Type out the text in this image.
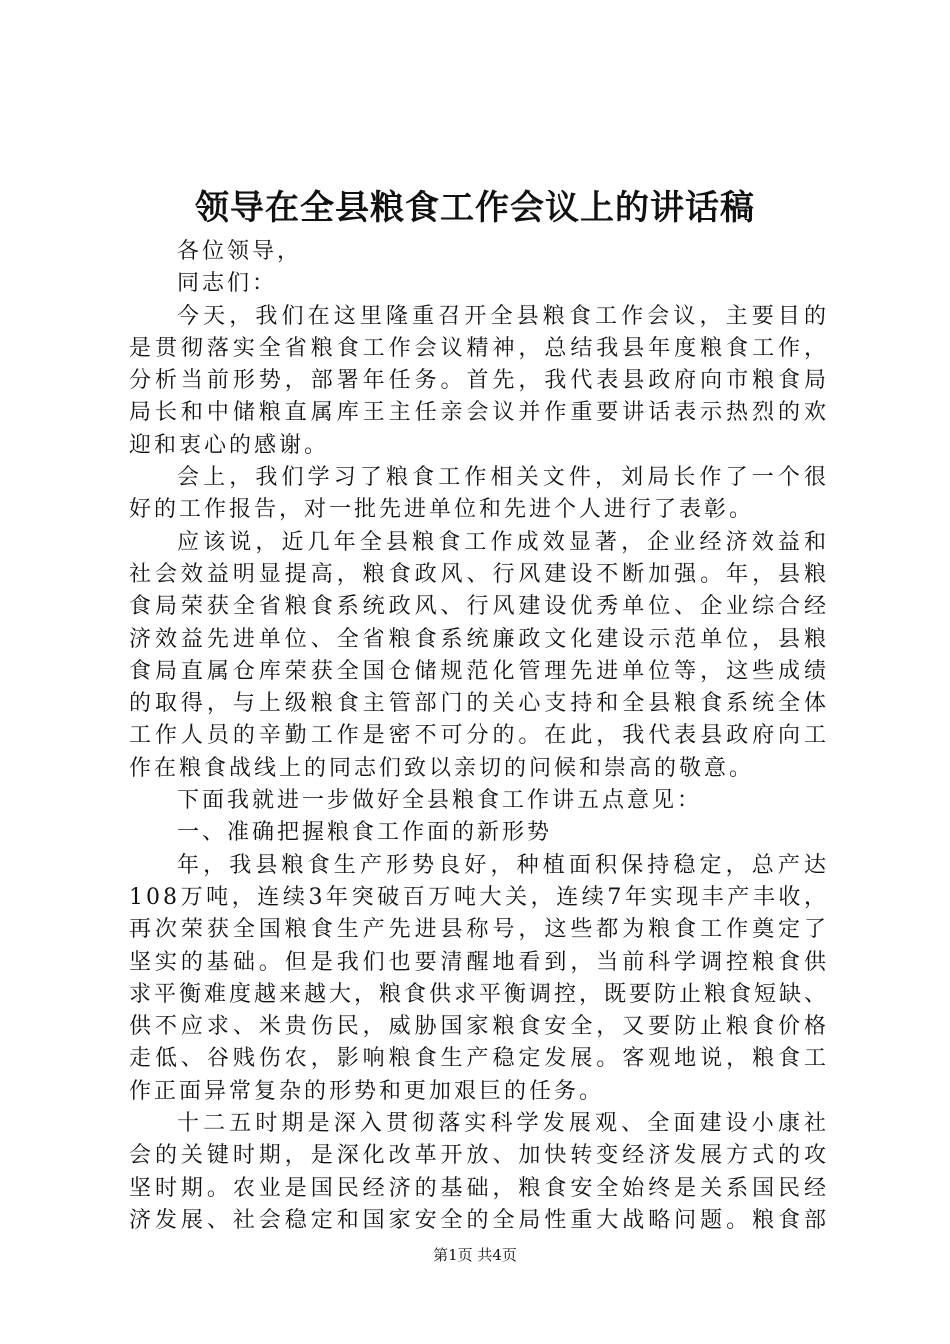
领导在全县粮食工作会议上的讲话稿
各位领导，
同志们：
今天，我们在这里隆重召开全县粮食工作会议，主要目的
是贯彻落实全省粮食工作会议精神，总结我县年度粮食工作，
分析当前形势，部署年任务。首先，我代表县政府向市粮食局
局长和中储粮直属库王主任亲会议并作重要讲话表示热烈的欢
迎和衷心的感谢。
会上，我们学习了粮食工作相关文件，刘局长作了一个很
好的工作报告，对一批先进单位和先进个人进行了表彰。
应该说，近几年全县粮食工作成效显著，企业经济效益和
社会效益明显提高，粮食政风、行风建设不断加强。年，县粮
食局荣获全省粮食系统政风、行风建设优秀单位、企业综合经
济效益先进单位、全省粮食系统廉政文化建设示范单位，县粮
食局直属仓库荣获全国仓储规范化管理先进单位等，这些成绩
的取得，与上级粮食主管部门的关心支持和全县粮食系统全体
工作人员的辛勤工作是密不可分的。在此，我代表县政府向工
作在粮食战线上的同志们致以亲切的问候和崇高的敬意。
下面我就进一步做好全县粮食工作讲五点意见：
一、准确把握粮食工作面的新形势
年，我县粮食生产形势良好，种植面积保持稳定，总产达
108万吨，连续3年突破百万吨大关，连续7年实现丰产丰收，
再次荣获全国粮食生产先进县称号，这些都为粮食工作奠定了
坚实的基础。但是我们也要清醒地看到，当前科学调控粮食供
求平衡难度越来越大，粮食供求平衡调控，既要防止粮食短缺、
供不应求、米贵伤民，威胁国家粮食安全，又要防止粮食价格
走低、谷贱伤农，影响粮食生产稳定发展。客观地说，粮食工
作正面异常复杂的形势和更加艰巨的任务。
十二五时期是深入贯彻落实科学发展观、全面建设小康社
会的关键时期，是深化改革开放、加快转变经济发展方式的攻
坚时期。农业是国民经济的基础，粮食安全始终是关系国民经
济发展、社会稳定和国家安全的全局性重大战略问题。粮食部
第1页 共4页
